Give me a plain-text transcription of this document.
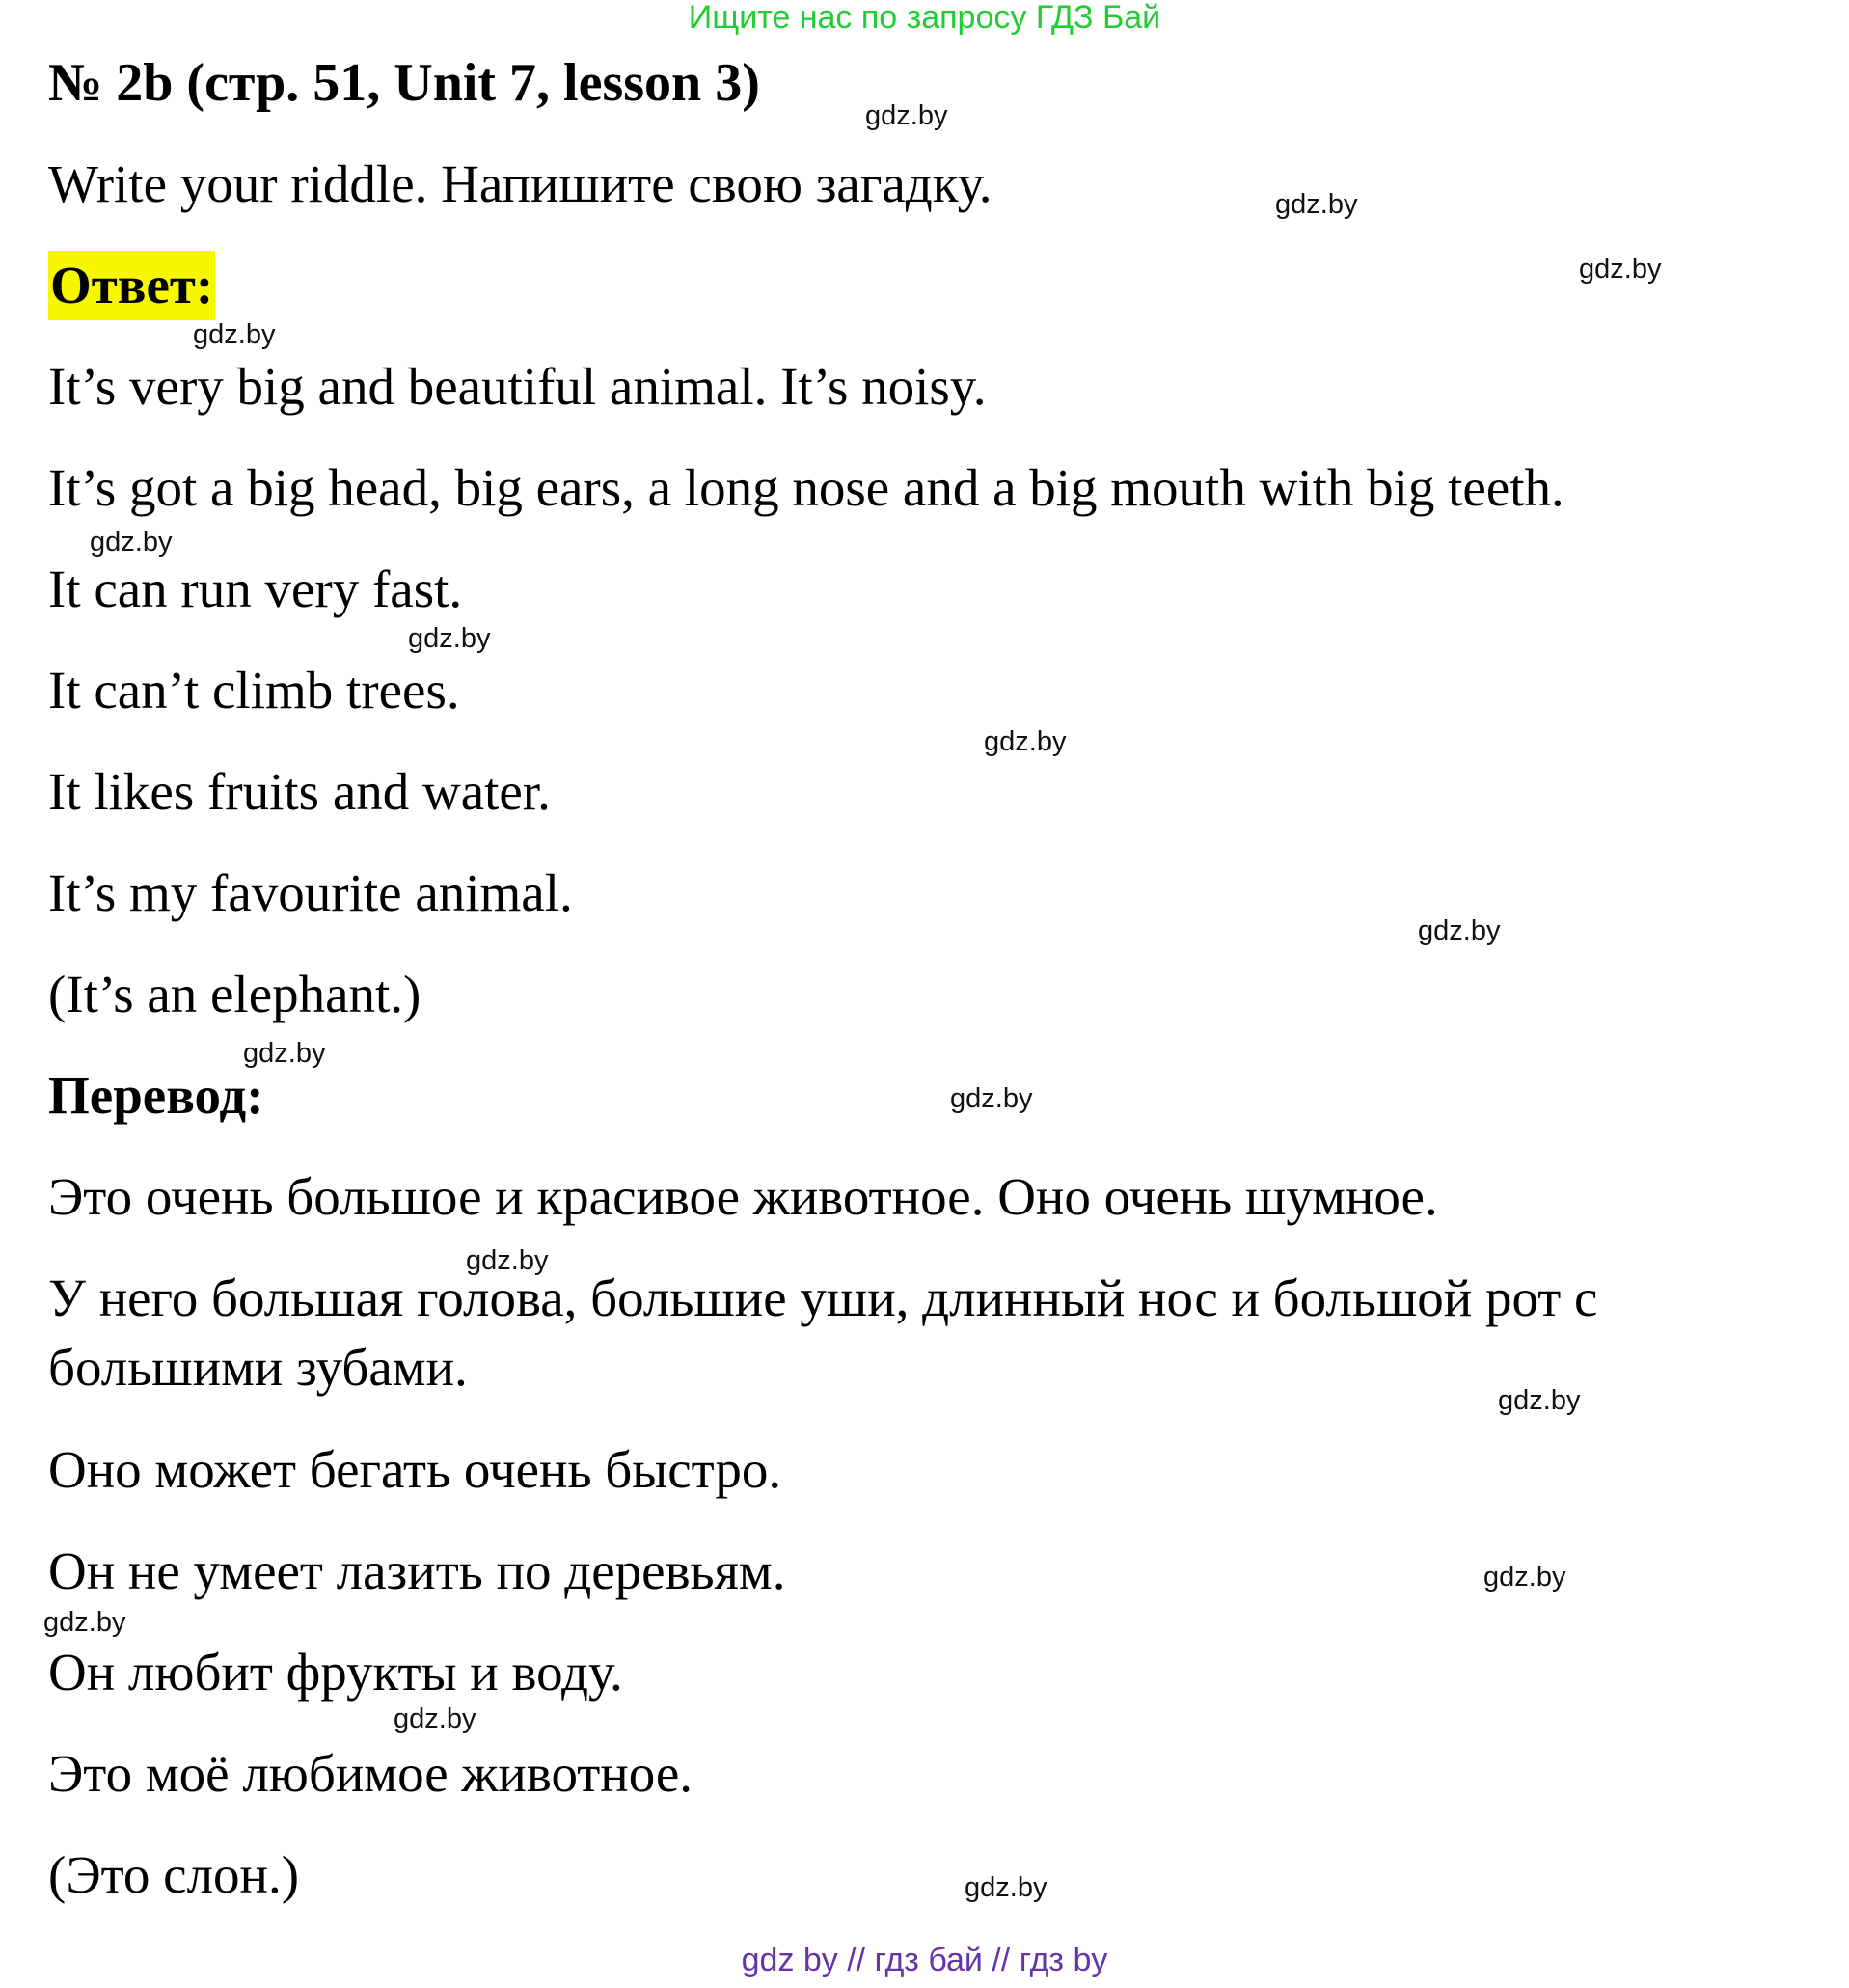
Ищите нас по запросу ГДЗ Бай
№ 2b (стр. 51, Unit 7, lesson 3)
Write your riddle. Напишите свою загадку.
Ответ:
It’s very big and beautiful animal. It’s noisy.
It’s got a big head, big ears, a long nose and a big mouth with big teeth.
It can run very fast.
It can’t climb trees.
It likes fruits and water.
It’s my favourite animal.
(It’s an elephant.)
Перевод:
Это очень большое и красивое животное. Оно очень шумное.
У него большая голова, большие уши, длинный нос и большой рот с
большими зубами.
Оно может бегать очень быстро.
Он не умеет лазить по деревьям.
Он любит фрукты и воду.
Это моё любимое животное.
(Это слон.)
gdz.by
gdz.by
gdz.by
gdz.by
gdz.by
gdz.by
gdz.by
gdz.by
gdz.by
gdz.by
gdz.by
gdz.by
gdz.by
gdz.by
gdz.by
gdz.by
gdz by // гдз бай // гдз by
